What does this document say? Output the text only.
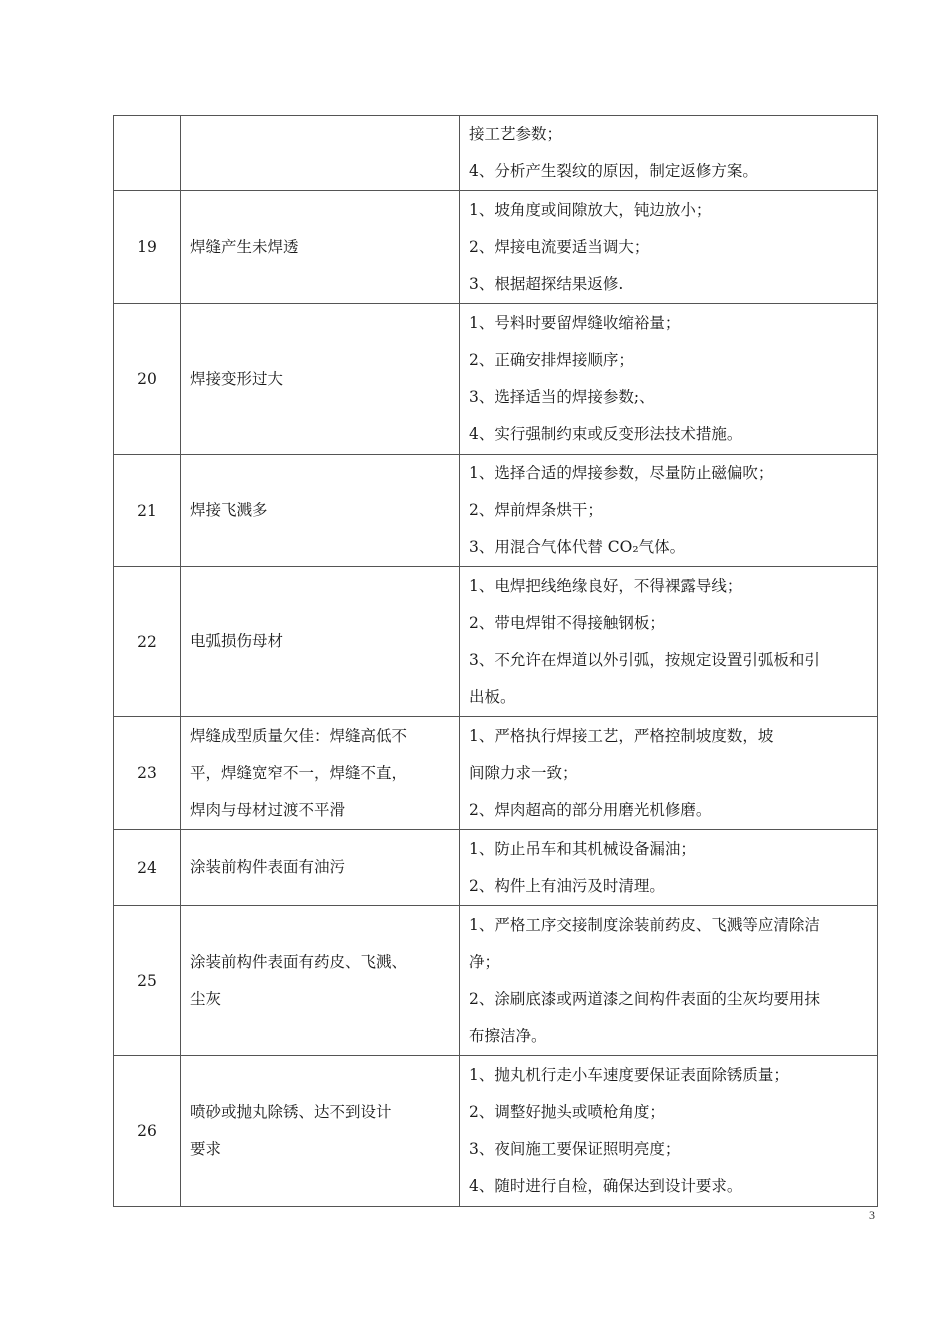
		接工艺参数；
4、分析产生裂纹的原因，制定返修方案。

19	焊缝产生未焊透	1、坡角度或间隙放大，钝边放小；
2、焊接电流要适当调大；
3、根据超探结果返修.

20	焊接变形过大	1、号料时要留焊缝收缩裕量；
2、正确安排焊接顺序；
3、选择适当的焊接参数;、
4、实行强制约束或反变形法技术措施。

21	焊接飞溅多	1、选择合适的焊接参数，尽量防止磁偏吹；
2、焊前焊条烘干；
3、用混合气体代替 CO₂气体。

22	电弧损伤母材	1、电焊把线绝缘良好，不得裸露导线；
2、带电焊钳不得接触钢板；
3、不允许在焊道以外引弧，按规定设置引弧板和引
出板。

23	焊缝成型质量欠佳：焊缝高低不
平，焊缝宽窄不一，焊缝不直，
焊肉与母材过渡不平滑	1、严格执行焊接工艺，严格控制坡度数，坡
间隙力求一致；
2、焊肉超高的部分用磨光机修磨。

24	涂装前构件表面有油污	1、防止吊车和其机械设备漏油；
2、构件上有油污及时清理。

25	涂装前构件表面有药皮、飞溅、
尘灰	1、严格工序交接制度涂装前药皮、飞溅等应清除洁
净；
2、涂刷底漆或两道漆之间构件表面的尘灰均要用抹
布擦洁净。

26	喷砂或抛丸除锈、达不到设计
要求	1、抛丸机行走小车速度要保证表面除锈质量；
2、调整好抛头或喷枪角度；
3、夜间施工要保证照明亮度；
4、随时进行自检，确保达到设计要求。
3
